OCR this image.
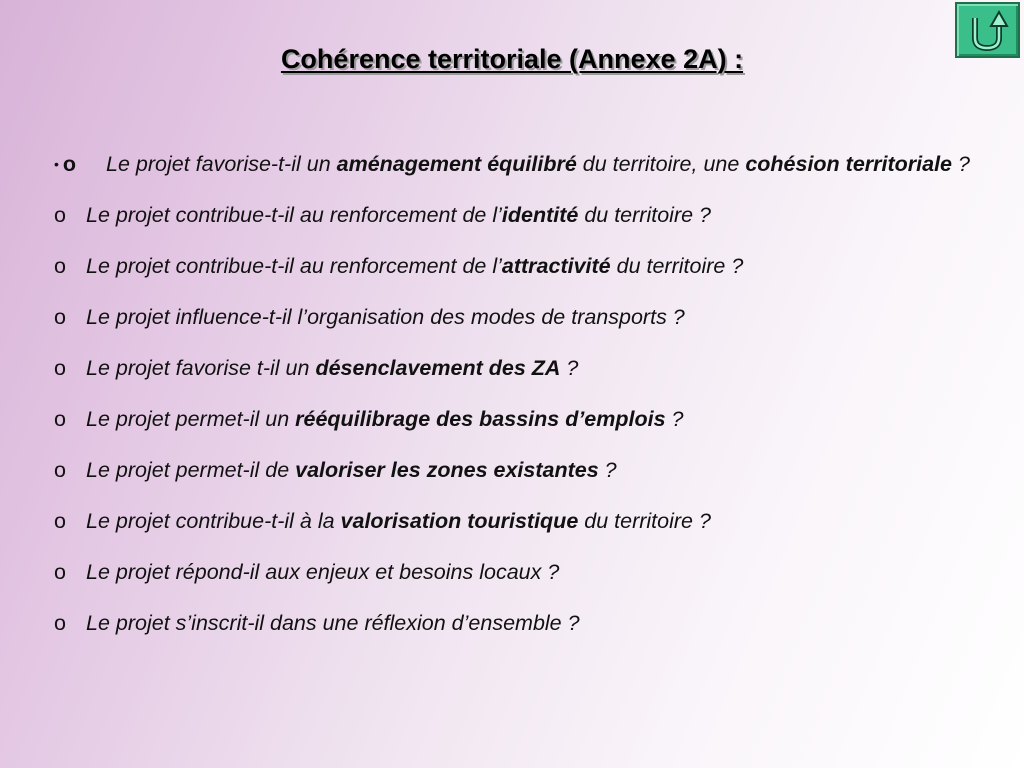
Cohérence territoriale (Annexe 2A) :
• o Le projet favorise-t-il un aménagement équilibré du territoire, une cohésion territoriale ?
o Le projet contribue-t-il au renforcement de l’identité du territoire ?
o Le projet contribue-t-il au renforcement de l’attractivité du territoire ?
o Le projet influence-t-il l’organisation des modes de transports ?
o Le projet favorise t-il un désenclavement des ZA ?
o Le projet permet-il un rééquilibrage des bassins d’emplois ?
o Le projet permet-il de valoriser les zones existantes ?
o Le projet contribue-t-il à la valorisation touristique du territoire ?
o Le projet répond-il aux enjeux et besoins locaux ?
o Le projet s’inscrit-il dans une réflexion d’ensemble ?
